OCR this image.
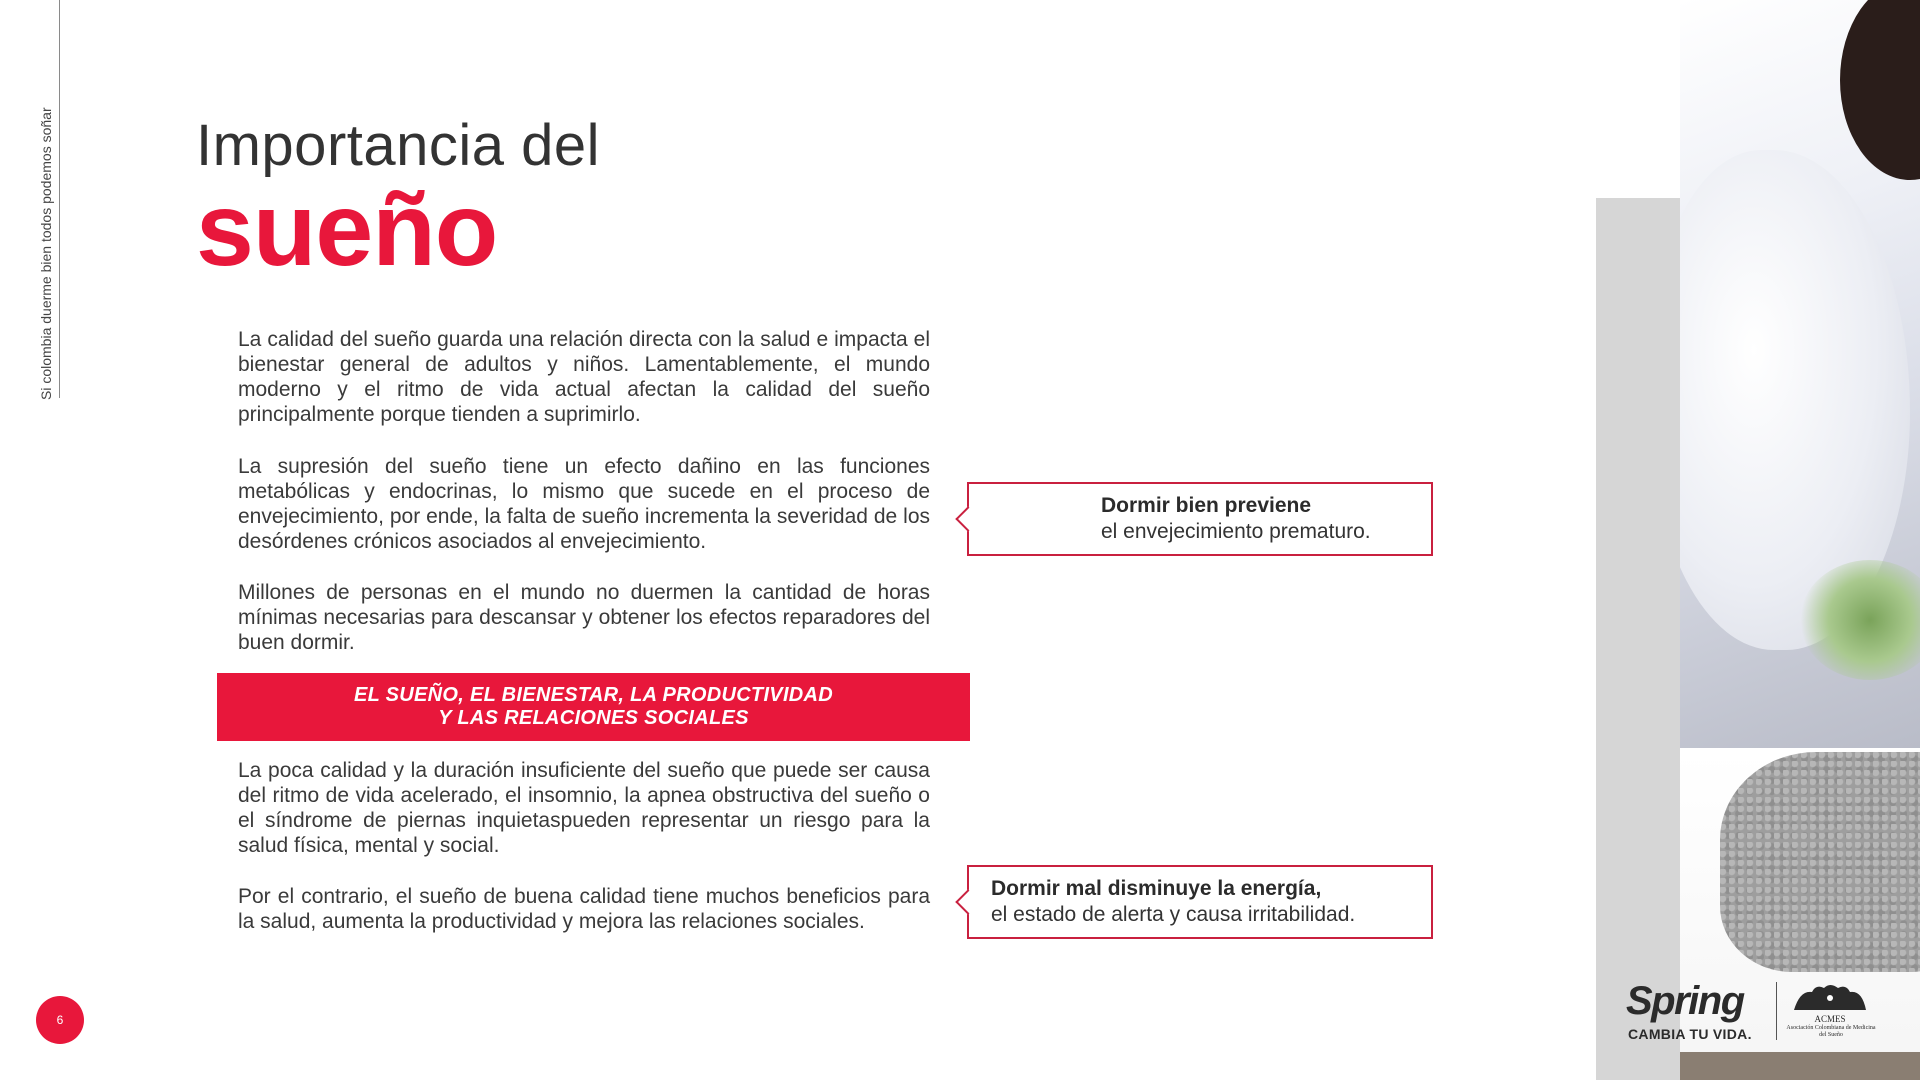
Si colombia duerme bien todos podemos soñar Importancia del
sueño

La calidad del sueño guarda una relación directa con la salud e impacta el bienestar general de adultos y niños. Lamentablemente, el mundo moderno y el ritmo de vida actual afectan la calidad del sueño principalmente porque tienden a suprimirlo.

La supresión del sueño tiene un efecto dañino en las funciones metabólicas y endocrinas, lo mismo que sucede en el proceso de envejecimiento, por ende, la falta de sueño incrementa la severidad de los desórdenes crónicos asociados al envejecimiento.

Millones de personas en el mundo no duermen la cantidad de horas mínimas necesarias para descansar y obtener los efectos reparadores del buen dormir.

EL SUEÑO, EL BIENESTAR, LA PRODUCTIVIDAD
Y LAS RELACIONES SOCIALES

La poca calidad y la duración insuficiente del sueño que puede ser causa del ritmo de vida acelerado, el insomnio, la apnea obstructiva del sueño o el síndrome de piernas inquietaspueden representar un riesgo para la salud física, mental y social.

Por el contrario, el sueño de buena calidad tiene muchos beneficios para la salud, aumenta la productividad y mejora las relaciones sociales.

Dormir bien previene
el envejecimiento prematuro.
Dormir mal disminuye la energía,
el estado de alerta y causa irritabilidad.
Spring
CAMBIA TU VIDA.
ACMES
Asociación Colombiana de Medicina del Sueño
6
